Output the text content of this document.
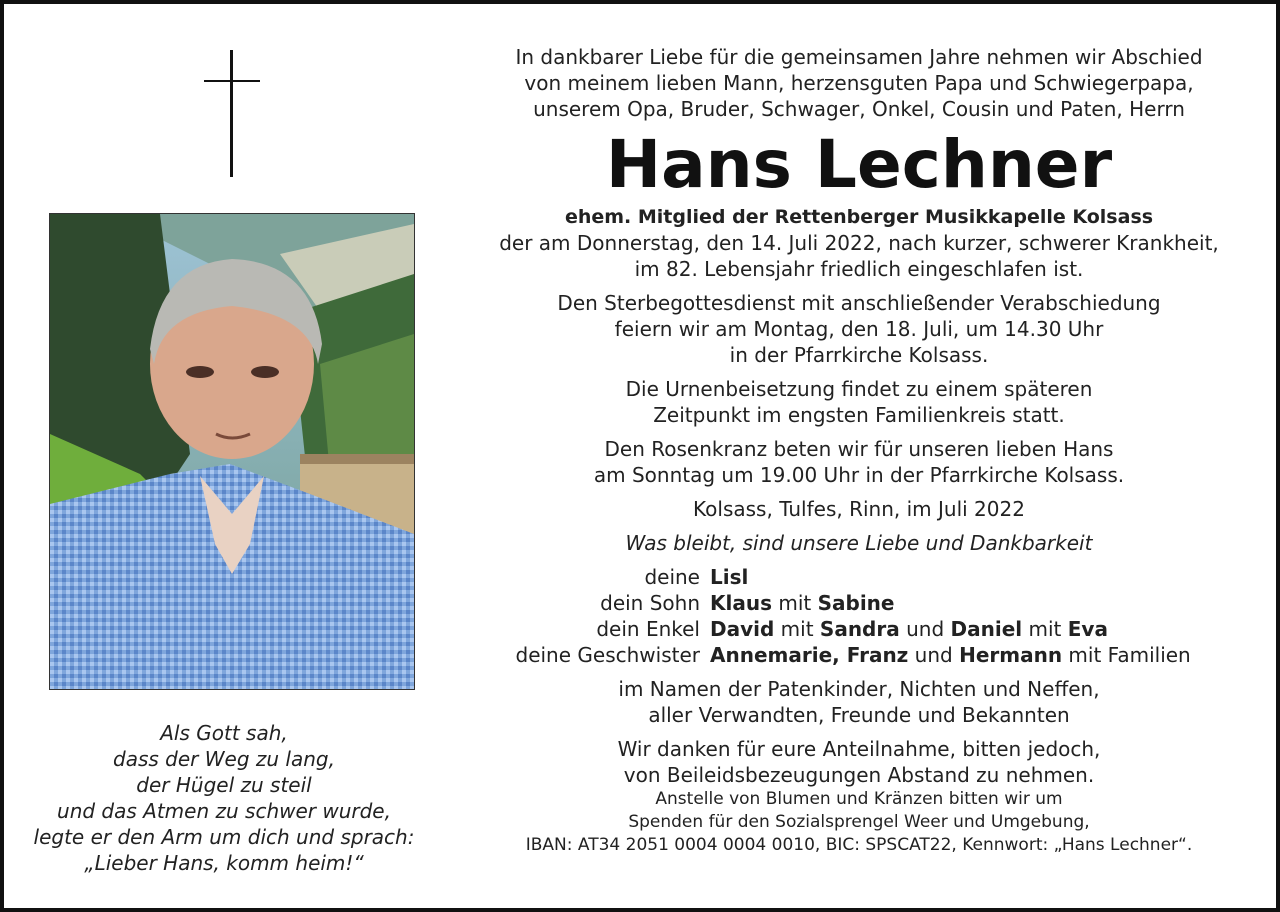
Als Gott sah,
dass der Weg zu lang,
der Hügel zu steil
und das Atmen zu schwer wurde,
legte er den Arm um dich und sprach:
„Lieber Hans, komm heim!“
In dankbarer Liebe für die gemeinsamen Jahre nehmen wir Abschied
von meinem lieben Mann, herzensguten Papa und Schwiegerpapa,
unserem Opa, Bruder, Schwager, Onkel, Cousin und Paten, Herrn
Hans Lechner
ehem. Mitglied der Rettenberger Musikkapelle Kolsass
der am Donnerstag, den 14. Juli 2022, nach kurzer, schwerer Krankheit,
im 82. Lebensjahr friedlich eingeschlafen ist.
Den Sterbegottesdienst mit anschließender Verabschiedung
feiern wir am Montag, den 18. Juli, um 14.30 Uhr
in der Pfarrkirche Kolsass.
Die Urnenbeisetzung findet zu einem späteren
Zeitpunkt im engsten Familienkreis statt.
Den Rosenkranz beten wir für unseren lieben Hans
am Sonntag um 19.00 Uhr in der Pfarrkirche Kolsass.
Kolsass, Tulfes, Rinn, im Juli 2022
Was bleibt, sind unsere Liebe und Dankbarkeit
deine Lisl
dein Sohn Klaus mit Sabine
dein Enkel David mit Sandra und Daniel mit Eva
deine Geschwister Annemarie, Franz und Hermann mit Familien
im Namen der Patenkinder, Nichten und Neffen,
aller Verwandten, Freunde und Bekannten
Wir danken für eure Anteilnahme, bitten jedoch,
von Beileidsbezeugungen Abstand zu nehmen.
Anstelle von Blumen und Kränzen bitten wir um
Spenden für den Sozialsprengel Weer und Umgebung,
IBAN: AT34 2051 0004 0004 0010, BIC: SPSCAT22, Kennwort: „Hans Lechner“.
